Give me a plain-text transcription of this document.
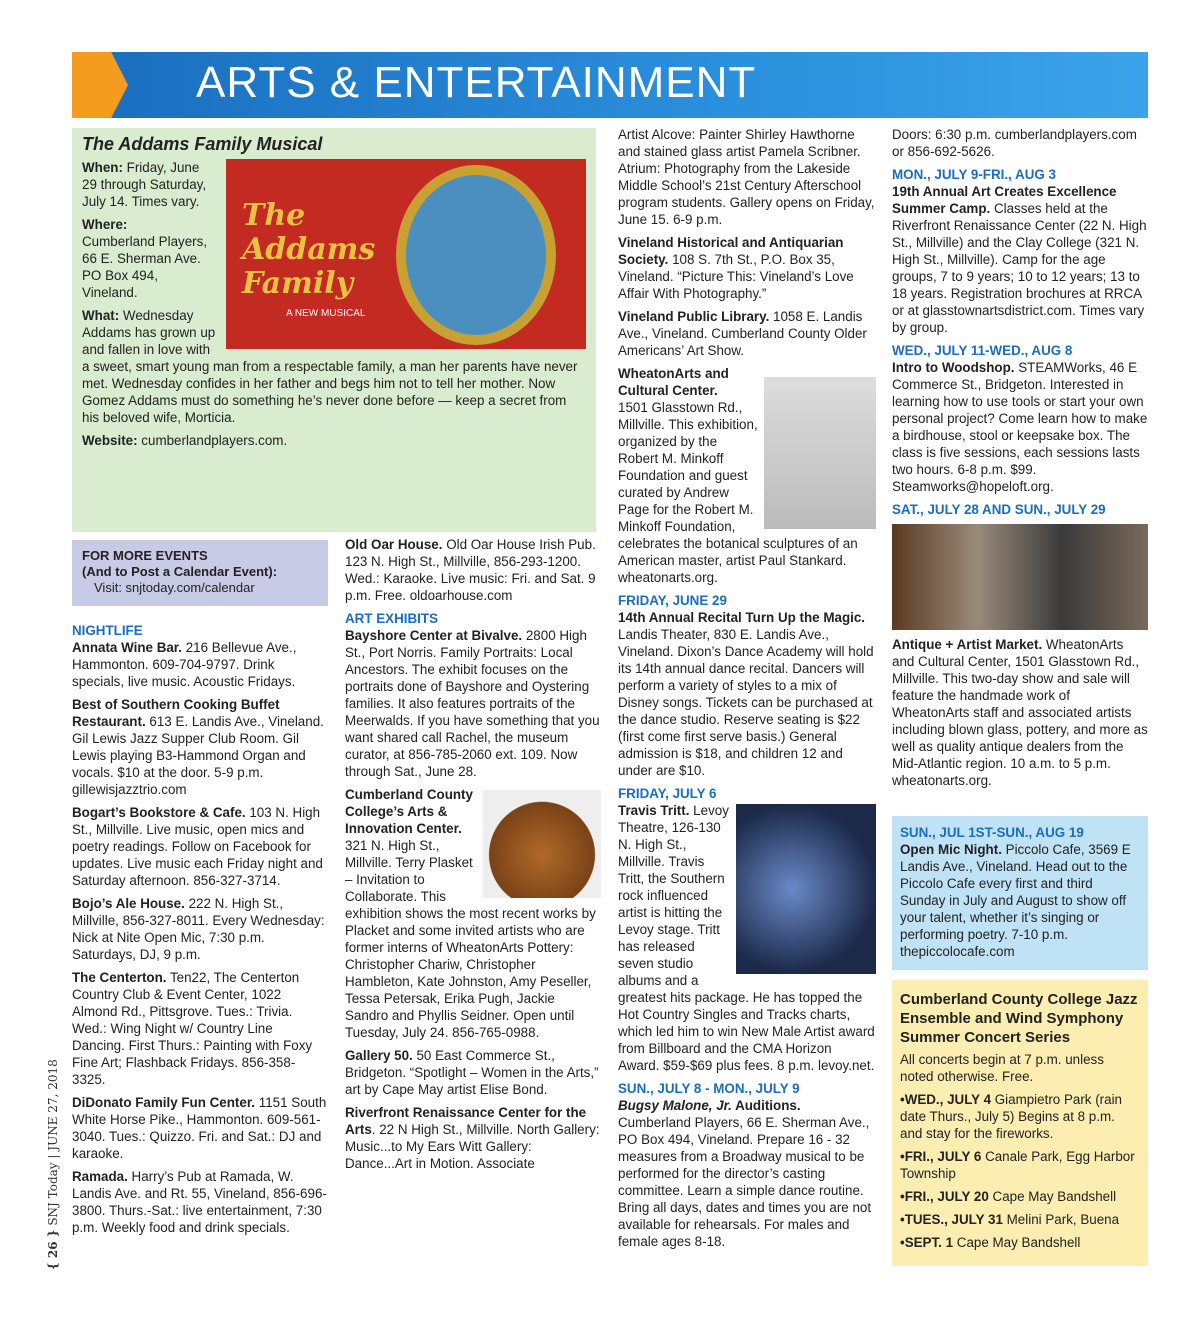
ARTS & ENTERTAINMENT
The Addams Family Musical
The
Addams
Family
A NEW MUSICAL

When: Friday, June 29 through Saturday, July 14. Times vary.

Where:
Cumberland Players, 66 E. Sherman Ave. PO Box 494, Vineland.

What: Wednesday Addams has grown up and fallen in love with a sweet, smart young man from a respectable family, a man her parents have never met. Wednesday confides in her father and begs him not to tell her mother. Now Gomez Addams must do something he’s never done before — keep a secret from his beloved wife, Morticia.

Website: cumberlandplayers.com.

FOR MORE EVENTS
(And to Post a Calendar Event):
Visit: snjtoday.com/calendar
NIGHTLIFE

Annata Wine Bar. 216 Bellevue Ave., Hammonton. 609-704-9797. Drink specials, live music. Acoustic Fridays.

Best of Southern Cooking Buffet Restaurant. 613 E. Landis Ave., Vineland. Gil Lewis Jazz Supper Club Room. Gil Lewis playing B3-Hammond Organ and vocals. $10 at the door. 5-9 p.m. gillewisjazztrio.com

Bogart’s Bookstore & Cafe. 103 N. High St., Millville. Live music, open mics and poetry readings. Follow on Facebook for updates. Live music each Friday night and Saturday afternoon. 856-327-3714.

Bojo’s Ale House. 222 N. High St., Millville, 856-327-8011. Every Wednesday: Nick at Nite Open Mic, 7:30 p.m. Saturdays, DJ, 9 p.m.

The Centerton. Ten22, The Centerton Country Club & Event Center, 1022 Almond Rd., Pittsgrove. Tues.: Trivia. Wed.: Wing Night w/ Country Line Dancing. First Thurs.: Painting with Foxy Fine Art; Flashback Fridays. 856-358-3325.

DiDonato Family Fun Center. 1151 South White Horse Pike., Hammonton. 609-561-3040. Tues.: Quizzo. Fri. and Sat.: DJ and karaoke.

Ramada. Harry’s Pub at Ramada, W. Landis Ave. and Rt. 55, Vineland, 856-696-3800. Thurs.-Sat.: live entertainment, 7:30 p.m. Weekly food and drink specials.

Old Oar House. Old Oar House Irish Pub. 123 N. High St., Millville, 856-293-1200. Wed.: Karaoke. Live music: Fri. and Sat. 9 p.m. Free. oldoarhouse.com

ART EXHIBITS

Bayshore Center at Bivalve. 2800 High St., Port Norris. Family Portraits: Local Ancestors. The exhibit focuses on the portraits done of Bayshore and Oystering families. It also features portraits of the Meerwalds. If you have something that you want shared call Rachel, the museum curator, at 856-785-2060 ext. 109. Now through Sat., June 28.

Cumberland County College’s Arts & Innovation Center. 321 N. High St., Millville. Terry Plasket – Invitation to Collaborate. This exhibition shows the most recent works by Placket and some invited artists who are former interns of WheatonArts Pottery: Christopher Chariw, Christopher Hambleton, Kate Johnston, Amy Peseller, Tessa Petersak, Erika Pugh, Jackie Sandro and Phyllis Seidner. Open until Tuesday, July 24. 856-765-0988.

Gallery 50. 50 East Commerce St., Bridgeton. “Spotlight – Women in the Arts,” art by Cape May artist Elise Bond.

Riverfront Renaissance Center for the Arts. 22 N High St., Millville. North Gallery: Music...to My Ears Witt Gallery: Dance...Art in Motion. Associate

Artist Alcove: Painter Shirley Hawthorne and stained glass artist Pamela Scribner. Atrium: Photography from the Lakeside Middle School’s 21st Century Afterschool program students. Gallery opens on Friday, June 15. 6-9 p.m.

Vineland Historical and Antiquarian Society. 108 S. 7th St., P.O. Box 35, Vineland. “Picture This: Vineland’s Love Affair With Photography.”

Vineland Public Library. 1058 E. Landis Ave., Vineland. Cumberland County Older Americans’ Art Show.

WheatonArts and Cultural Center.
1501 Glasstown Rd., Millville. This exhibition, organized by the Robert M. Minkoff Foundation and guest curated by Andrew Page for the Robert M. Minkoff Foundation, celebrates the botanical sculptures of an American master, artist Paul Stankard. wheatonarts.org.

FRIDAY, JUNE 29

14th Annual Recital Turn Up the Magic. Landis Theater, 830 E. Landis Ave., Vineland. Dixon’s Dance Academy will hold its 14th annual dance recital. Dancers will perform a variety of styles to a mix of Disney songs. Tickets can be purchased at the dance studio. Reserve seating is $22 (first come first serve basis.) General admission is $18, and children 12 and under are $10.

FRIDAY, JULY 6

Travis Tritt. Levoy Theatre, 126-130 N. High St., Millville. Travis Tritt, the Southern rock influenced artist is hitting the Levoy stage. Tritt has released seven studio albums and a greatest hits package. He has topped the Hot Country Singles and Tracks charts, which led him to win New Male Artist award from Billboard and the CMA Horizon Award. $59-$69 plus fees. 8 p.m. levoy.net.

SUN., JULY 8 - MON., JULY 9

Bugsy Malone, Jr. Auditions. Cumberland Players, 66 E. Sherman Ave., PO Box 494, Vineland. Prepare 16 - 32 measures from a Broadway musical to be performed for the director’s casting committee. Learn a simple dance routine. Bring all days, dates and times you are not available for rehearsals. For males and female ages 8-18.

Doors: 6:30 p.m. cumberlandplayers.com or 856-692-5626.

MON., JULY 9-FRI., AUG 3

19th Annual Art Creates Excellence Summer Camp. Classes held at the Riverfront Renaissance Center (22 N. High St., Millville) and the Clay College (321 N. High St., Millville). Camp for the age groups, 7 to 9 years; 10 to 12 years; 13 to 18 years. Registration brochures at RRCA or at glasstownartsdistrict.com. Times vary by group.

WED., JULY 11-WED., AUG 8

Intro to Woodshop. STEAMWorks, 46 E Commerce St., Bridgeton. Interested in learning how to use tools or start your own personal project? Come learn how to make a birdhouse, stool or keepsake box. The class is five sessions, each sessions lasts two hours. 6-8 p.m. $99. Steamworks@hopeloft.org.

SAT., JULY 28 AND SUN., JULY 29

Antique + Artist Market. WheatonArts and Cultural Center, 1501 Glasstown Rd., Millville. This two-day show and sale will feature the handmade work of WheatonArts staff and associated artists including blown glass, pottery, and more as well as quality antique dealers from the Mid-Atlantic region. 10 a.m. to 5 p.m. wheatonarts.org.

SUN., JUL 1ST-SUN., AUG 19

Open Mic Night. Piccolo Cafe, 3569 E Landis Ave., Vineland. Head out to the Piccolo Cafe every first and third Sunday in July and August to show off your talent, whether it’s singing or performing poetry. 7-10 p.m. thepiccolocafe.com

Cumberland County College Jazz Ensemble and Wind Symphony Summer Concert Series

All concerts begin at 7 p.m. unless noted otherwise. Free.

•WED., JULY 4 Giampietro Park (rain date Thurs., July 5) Begins at 8 p.m. and stay for the fireworks.

•FRI., JULY 6 Canale Park, Egg Harbor Township

•FRI., JULY 20 Cape May Bandshell

•TUES., JULY 31 Melini Park, Buena

•SEPT. 1 Cape May Bandshell

{ 26 } SNJ Today | JUNE 27, 2018
